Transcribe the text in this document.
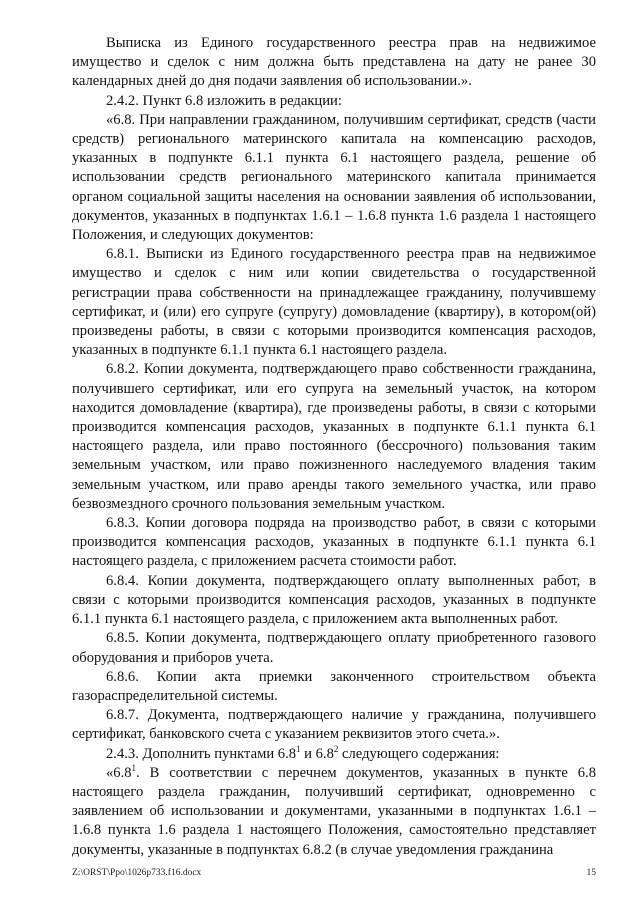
Выписка из Единого государственного реестра прав на недвижимое имущество и сделок с ним должна быть представлена на дату не ранее 30 календарных дней до дня подачи заявления об использовании.».

2.4.2. Пункт 6.8 изложить в редакции:

«6.8. При направлении гражданином, получившим сертификат, средств (части средств) регионального материнского капитала на компенсацию расходов, указанных в подпункте 6.1.1 пункта 6.1 настоящего раздела, решение об использовании средств регионального материнского капитала принимается органом социальной защиты населения на основании заявления об использовании, документов, указанных в подпунктах 1.6.1 – 1.6.8 пункта 1.6 раздела 1 настоящего Положения, и следующих документов:

6.8.1. Выписки из Единого государственного реестра прав на недвижимое имущество и сделок с ним или копии свидетельства о государственной регистрации права собственности на принадлежащее гражданину, получившему сертификат, и (или) его супруге (супругу) домовладение (квартиру), в котором(ой) произведены работы, в связи с которыми производится компенсация расходов, указанных в подпункте 6.1.1 пункта 6.1 настоящего раздела.

6.8.2. Копии документа, подтверждающего право собственности гражданина, получившего сертификат, или его супруга на земельный участок, на котором находится домовладение (квартира), где произведены работы, в связи с которыми производится компенсация расходов, указанных в подпункте 6.1.1 пункта 6.1 настоящего раздела, или право постоянного (бессрочного) пользования таким земельным участком, или право пожизненного наследуемого владения таким земельным участком, или право аренды такого земельного участка, или право безвозмездного срочного пользования земельным участком.

6.8.3. Копии договора подряда на производство работ, в связи с которыми производится компенсация расходов, указанных в подпункте 6.1.1 пункта 6.1 настоящего раздела, с приложением расчета стоимости работ.

6.8.4. Копии документа, подтверждающего оплату выполненных работ, в связи с которыми производится компенсация расходов, указанных в подпункте 6.1.1 пункта 6.1 настоящего раздела, с приложением акта выполненных работ.

6.8.5. Копии документа, подтверждающего оплату приобретенного газового оборудования и приборов учета.

6.8.6. Копии акта приемки законченного строительством объекта газораспределительной системы.

6.8.7. Документа, подтверждающего наличие у гражданина, получившего сертификат, банковского счета с указанием реквизитов этого счета.».

2.4.3. Дополнить пунктами $6.8^1$ и $6.8^2$ следующего содержания:

«$6.8^1$. В соответствии с перечнем документов, указанных в пункте 6.8 настоящего раздела гражданин, получивший сертификат, одновременно с заявлением об использовании и документами, указанными в подпунктах 1.6.1 – 1.6.8 пункта 1.6 раздела 1 настоящего Положения, самостоятельно представляет документы, указанные в подпунктах 6.8.2 (в случае уведомления гражданина

Z:\ORST\Ppo\1026p733.f16.docx	15
